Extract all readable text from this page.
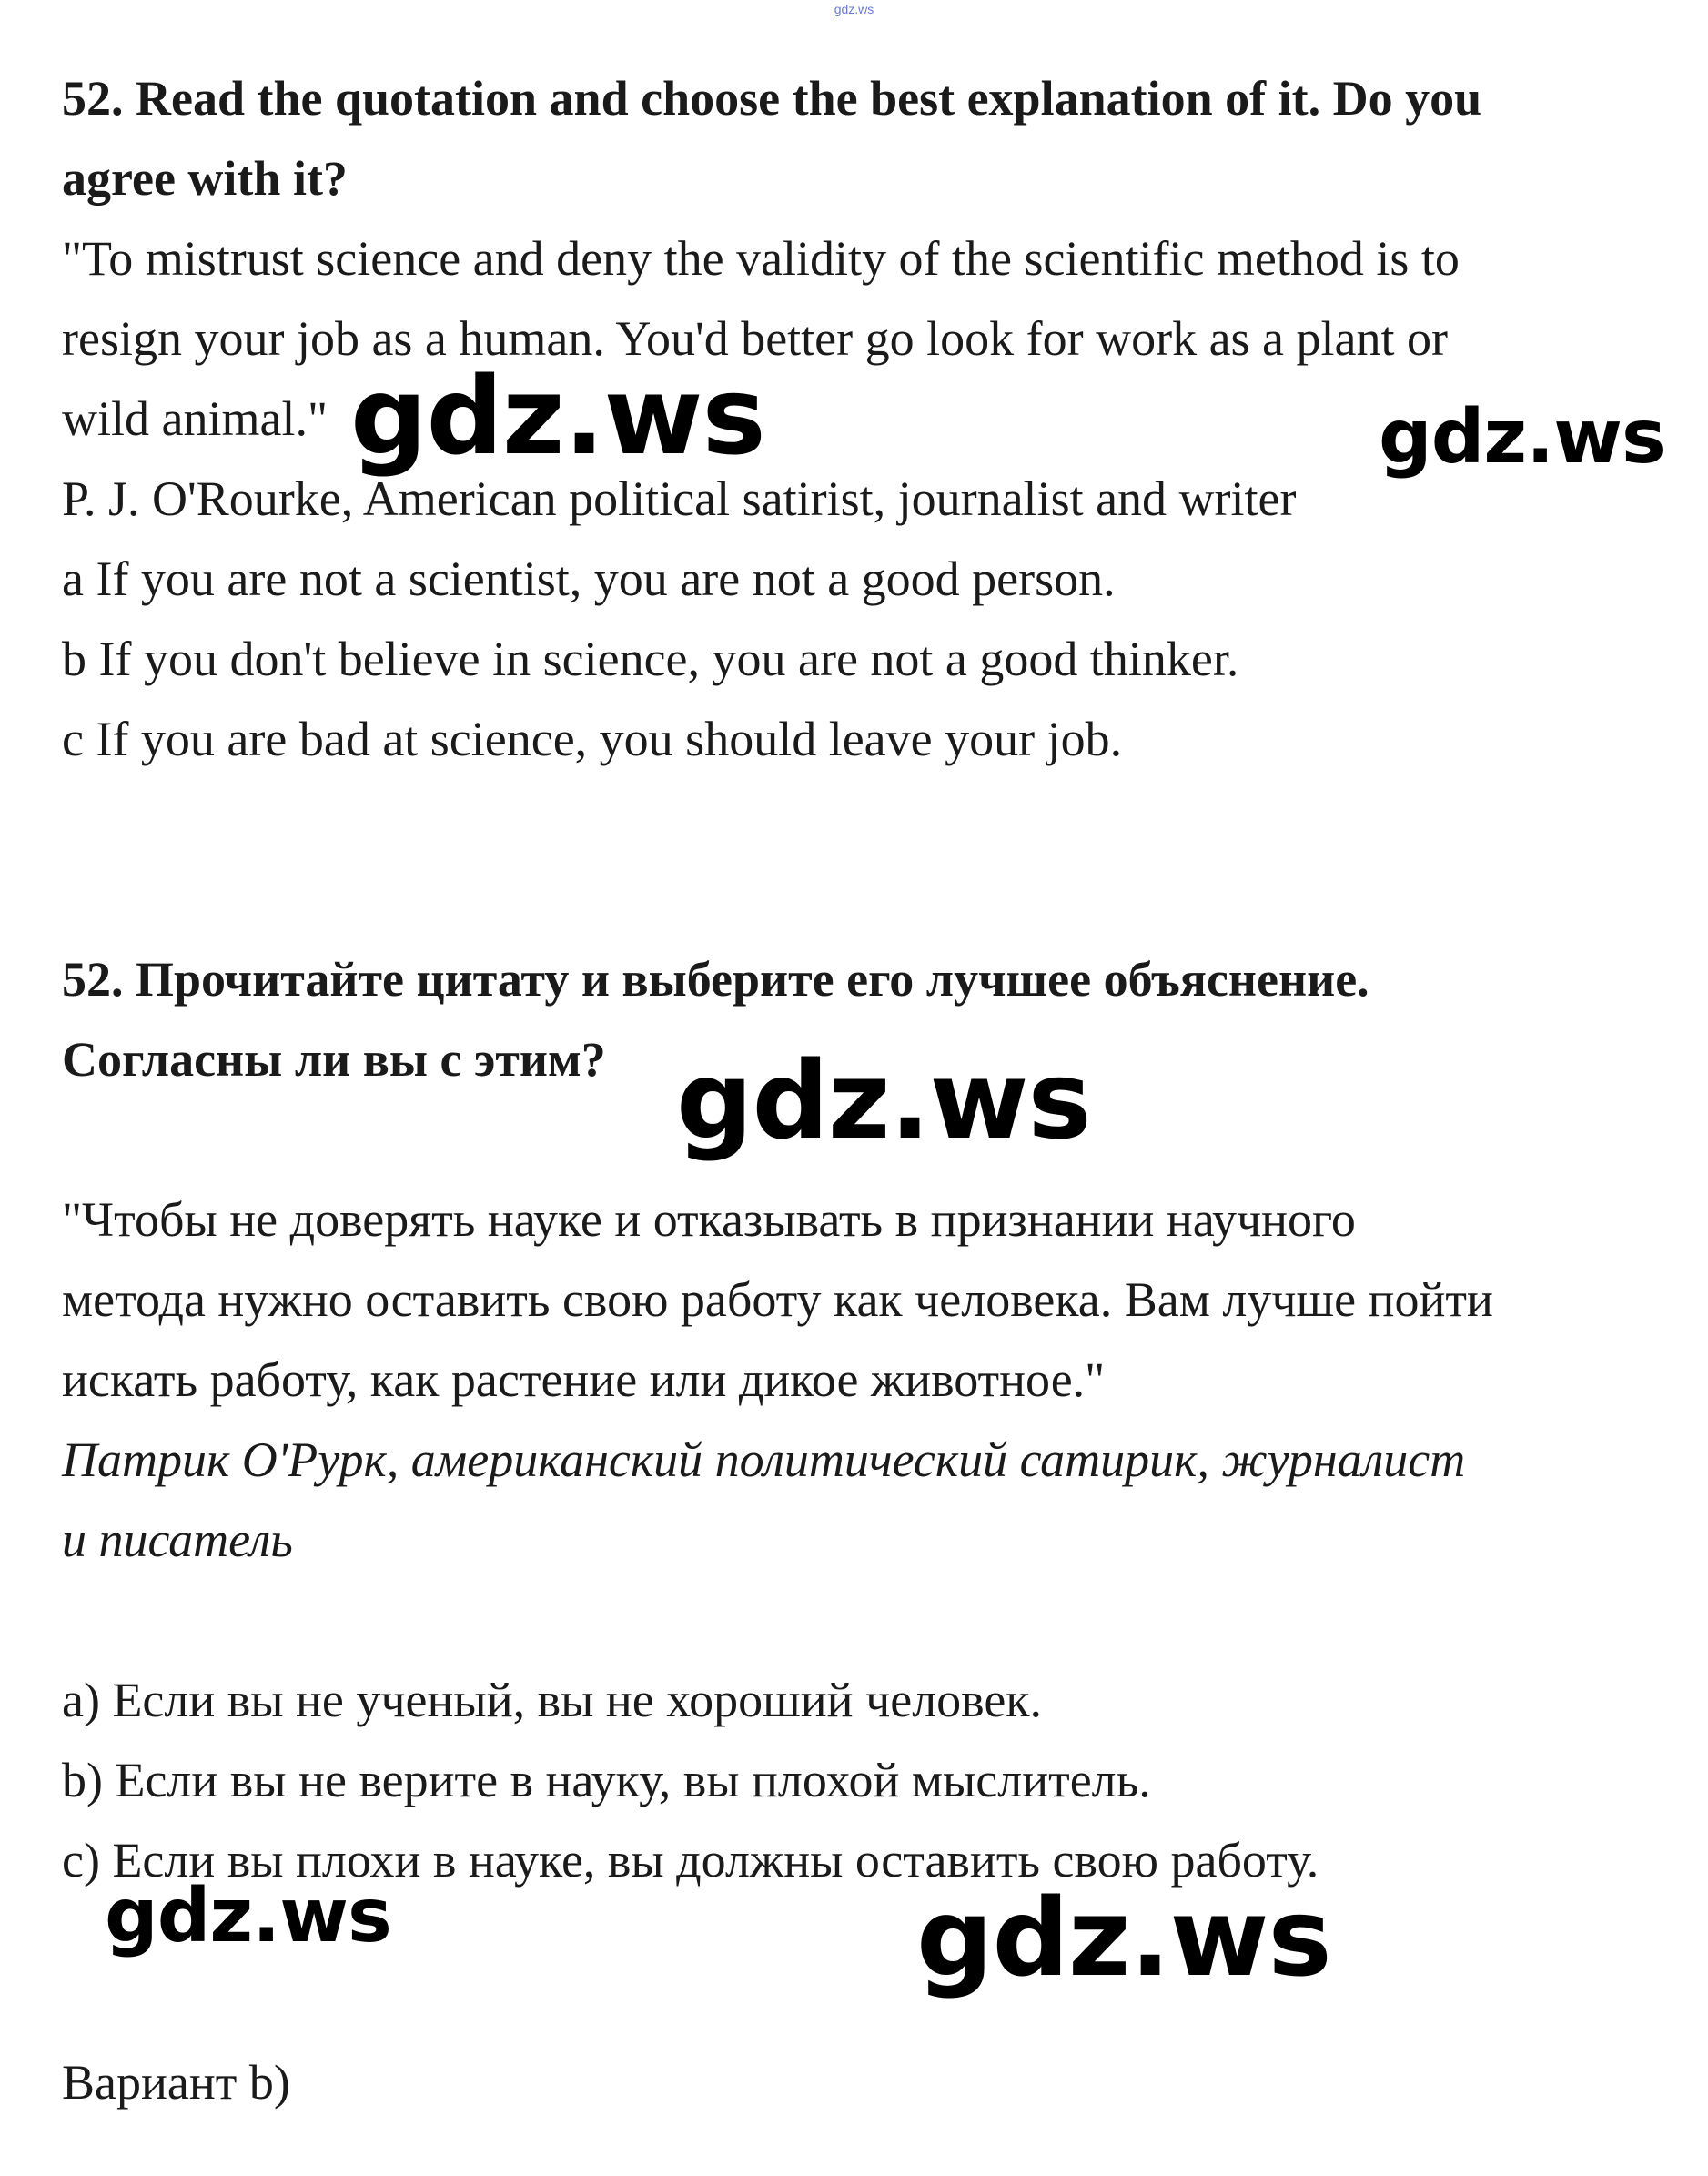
gdz.ws
52. Read the quotation and choose the best explanation of it. Do you
agree with it?
"To mistrust science and deny the validity of the scientific method is to
resign your job as a human. You'd better go look for work as a plant or
wild animal."
P. J. O'Rourke, American political satirist, journalist and writer
a If you are not a scientist, you are not a good person.
b If you don't believe in science, you are not a good thinker.
c If you are bad at science, you should leave your job.
52. Прочитайте цитату и выберите его лучшее объяснение.
Согласны ли вы с этим?
"Чтобы не доверять науке и отказывать в признании научного
метода нужно оставить свою работу как человека. Вам лучше пойти
искать работу, как растение или дикое животное."
Патрик О'Рурк, американский политический сатирик, журналист
и писатель
a) Если вы не ученый, вы не хороший человек.
b) Если вы не верите в науку, вы плохой мыслитель.
c) Если вы плохи в науке, вы должны оставить свою работу.
Вариант b)
gdz.ws	gdz.ws
gdz.ws
gdz.ws	gdz.ws
